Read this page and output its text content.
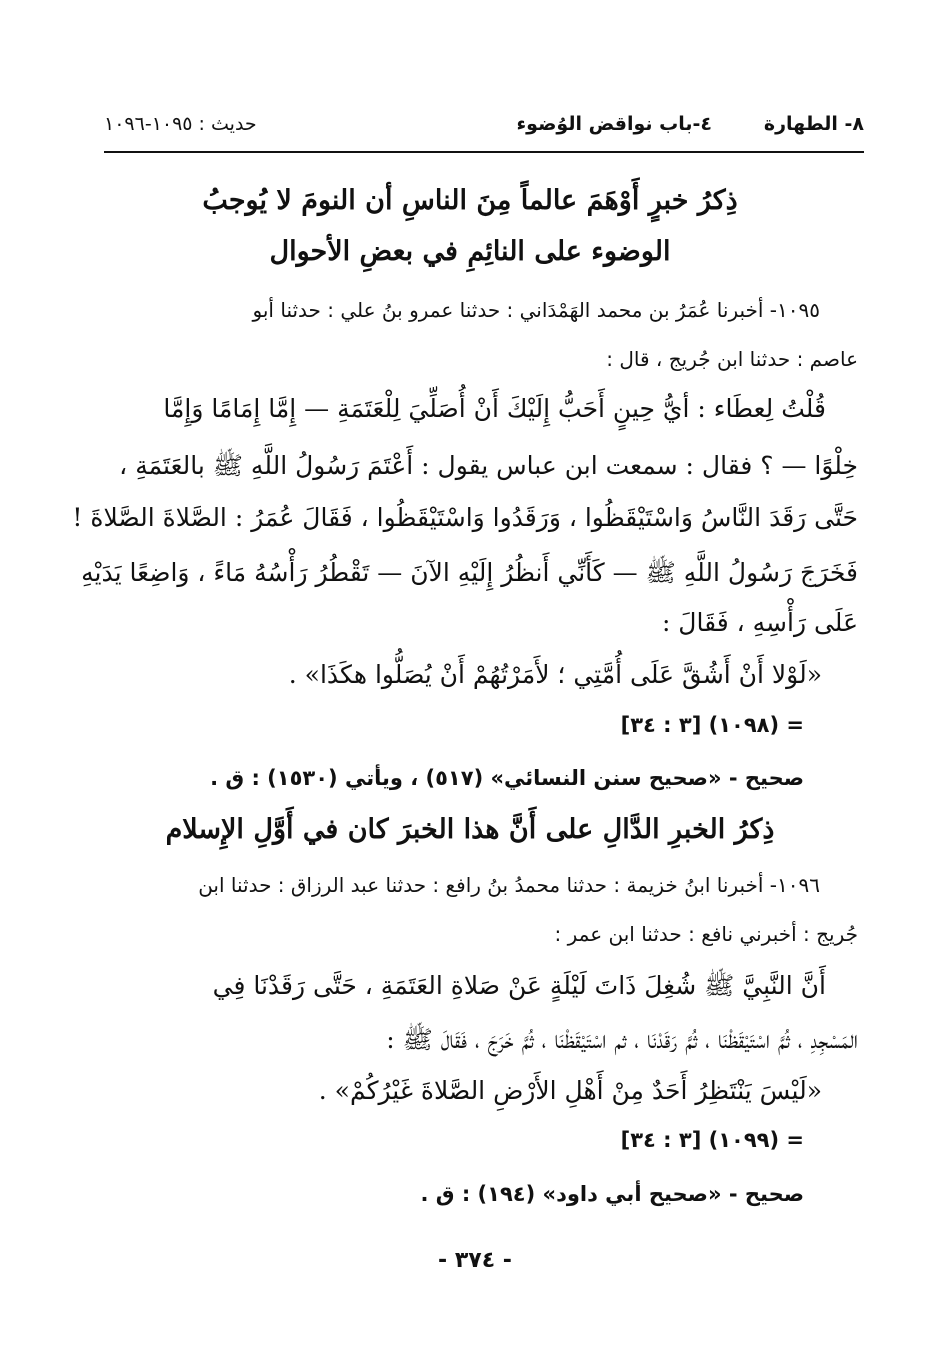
٨- الطهارة
٤-باب نواقض الوُضوء
حديث : ١٠٩٥-١٠٩٦
ذِكرُ خبرٍ أَوْهَمَ عالماً مِنَ الناسِ أن النومَ لا يُوجبُ
الوضوء على النائِمِ في بعضِ الأحوال
١٠٩٥- أخبرنا عُمَرُ بن محمد الهَمْدَاني : حدثنا عمرو بنُ علي : حدثنا أبو
عاصم : حدثنا ابن جُريج ، قال :
قُلْتُ لِعطَاء : أيُّ حِينٍ أَحَبُّ إِلَيْكَ أَنْ أُصَلِّيَ لِلْعَتَمَةِ — إِمَّا إِمَامًا وَإِمَّا
خِلْوًا — ؟ فقال : سمعت ابن عباس يقول : أَعْتَمَ رَسُولُ اللَّهِ ﷺ بالعَتَمَةِ ،
حَتَّى رَقَدَ النَّاسُ وَاسْتَيْقَظُوا ، وَرَقَدُوا وَاسْتَيْقَظُوا ، فَقَالَ عُمَرُ : الصَّلاةَ الصَّلاةَ !
فَخَرَجَ رَسُولُ اللَّهِ ﷺ — كَأَنِّي أَنظُرُ إِلَيْهِ الآنَ — تَقْطُرُ رَأْسُهُ مَاءً ، وَاضِعًا يَدَيْهِ
عَلَى رَأْسِهِ ، فَقَالَ :
«لَوْلا أَنْ أَشُقَّ عَلَى أُمَّتِي ؛ لأَمَرْتُهُمْ أَنْ يُصَلُّوا هكَذَا» .
= (١٠٩٨) [٣ : ٣٤]
صحيح - «صحيح سنن النسائي» (٥١٧) ، ويأتي (١٥٣٠) : ق .
ذِكرُ الخبرِ الدَّالِ على أَنَّ هذا الخبرَ كان في أَوَّلِ الإِسلام
١٠٩٦- أخبرنا ابنُ خزيمة : حدثنا محمدُ بنُ رافع : حدثنا عبد الرزاق : حدثنا ابن
جُريج : أخبرني نافع : حدثنا ابن عمر :
أَنَّ النَّبِيَّ ﷺ شُغِلَ ذَاتَ لَيْلَةٍ عَنْ صَلاةِ العَتَمَةِ ، حَتَّى رَقَدْنَا فِي
المَسْجِدِ ، ثُمَّ اسْتَيْقَظْنَا ، ثُمَّ رَقَدْنَا ، ثم اسْتَيْقَظْنَا ، ثُمَّ خَرَجَ ، فَقَالَ ﷺ :
«لَيْسَ يَنْتَظِرُ أَحَدٌ مِنْ أَهْلِ الأَرْضِ الصَّلاةَ غَيْرُكُمْ» .
= (١٠٩٩) [٣ : ٣٤]
صحيح - «صحيح أبي داود» (١٩٤) : ق .
- ٣٧٤ -
